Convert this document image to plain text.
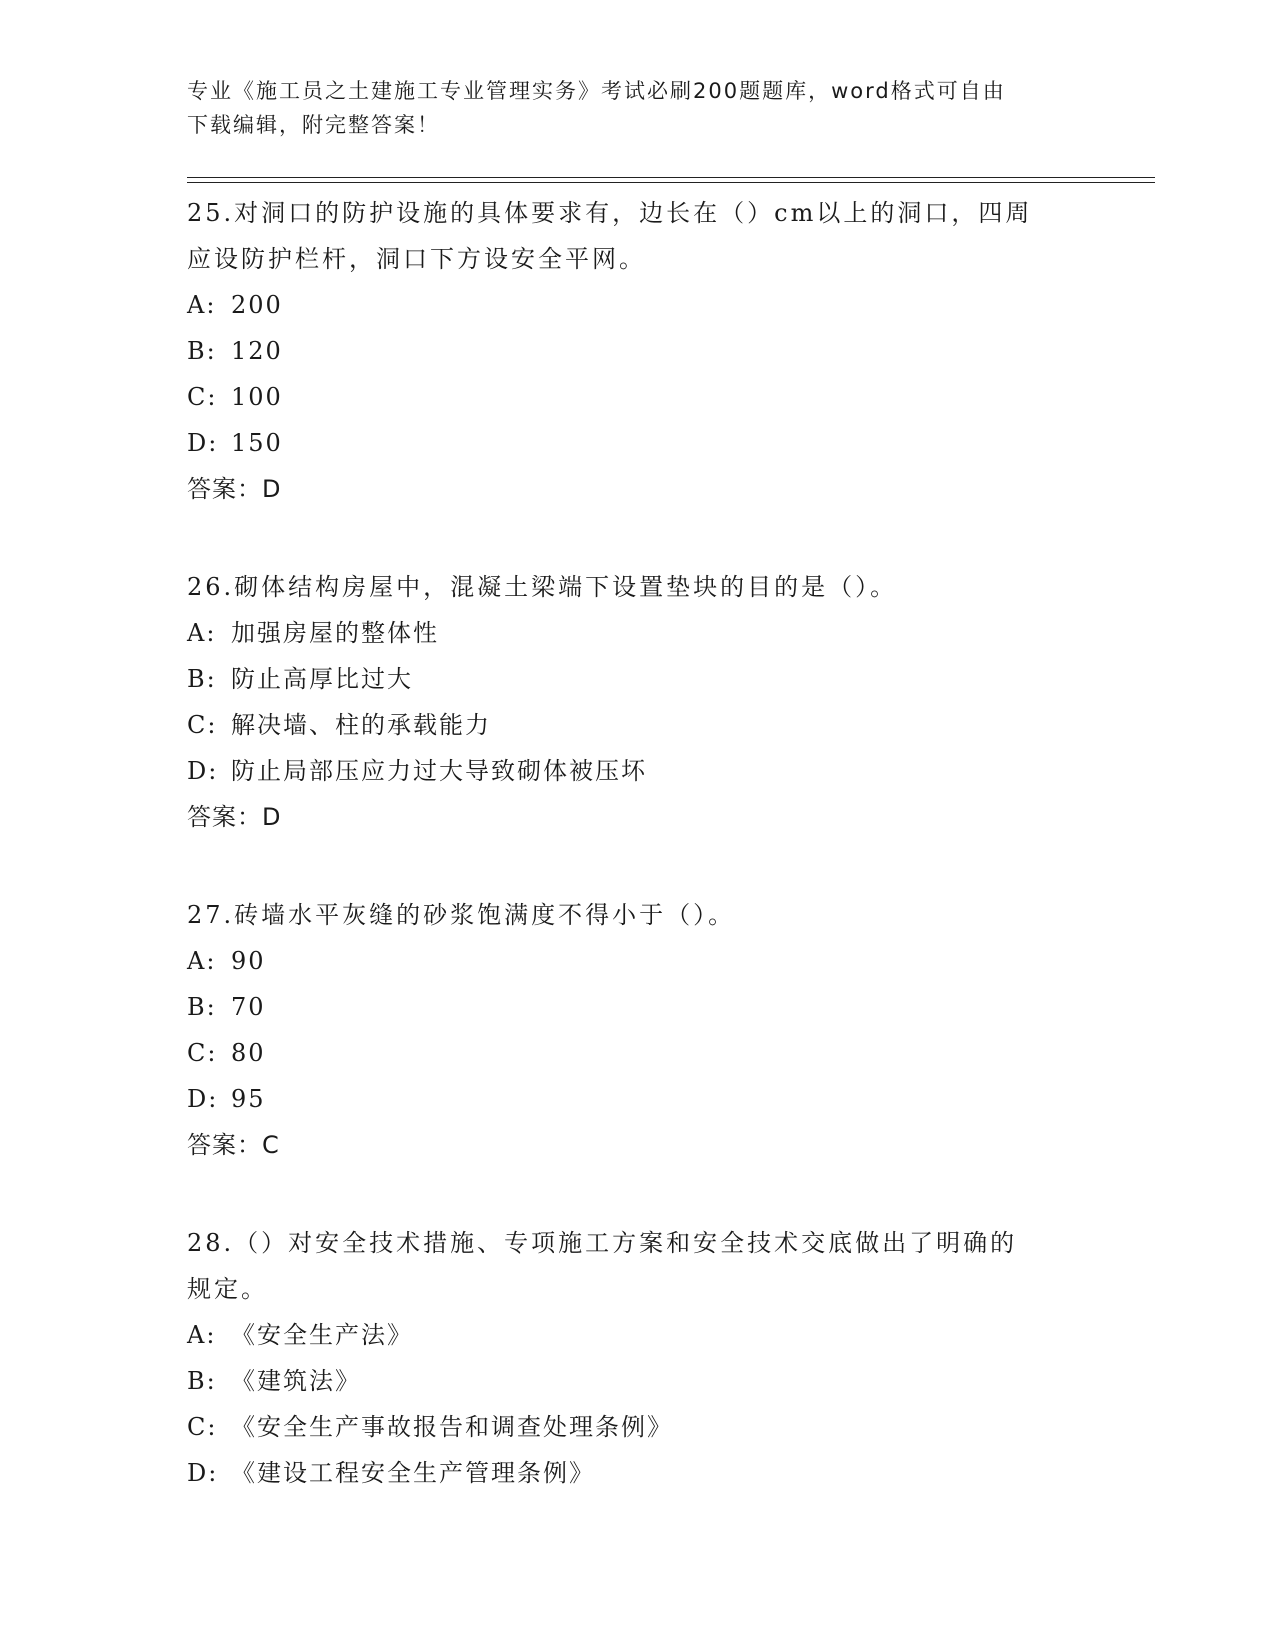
专业《施工员之土建施工专业管理实务》考试必刷200题题库，word格式可自由
下载编辑，附完整答案！
25.对洞口的防护设施的具体要求有，边长在（）cm以上的洞口，四周
应设防护栏杆，洞口下方设安全平网。
A: 200
B: 120
C: 100
D: 150
答案：D
26.砌体结构房屋中，混凝土梁端下设置垫块的目的是（）。
A: 加强房屋的整体性
B: 防止高厚比过大
C: 解决墙、柱的承载能力
D: 防止局部压应力过大导致砌体被压坏
答案：D
27.砖墙水平灰缝的砂浆饱满度不得小于（）。
A: 90
B: 70
C: 80
D: 95
答案：C
28.（）对安全技术措施、专项施工方案和安全技术交底做出了明确的
规定。
A: 《安全生产法》
B: 《建筑法》
C: 《安全生产事故报告和调查处理条例》
D: 《建设工程安全生产管理条例》
